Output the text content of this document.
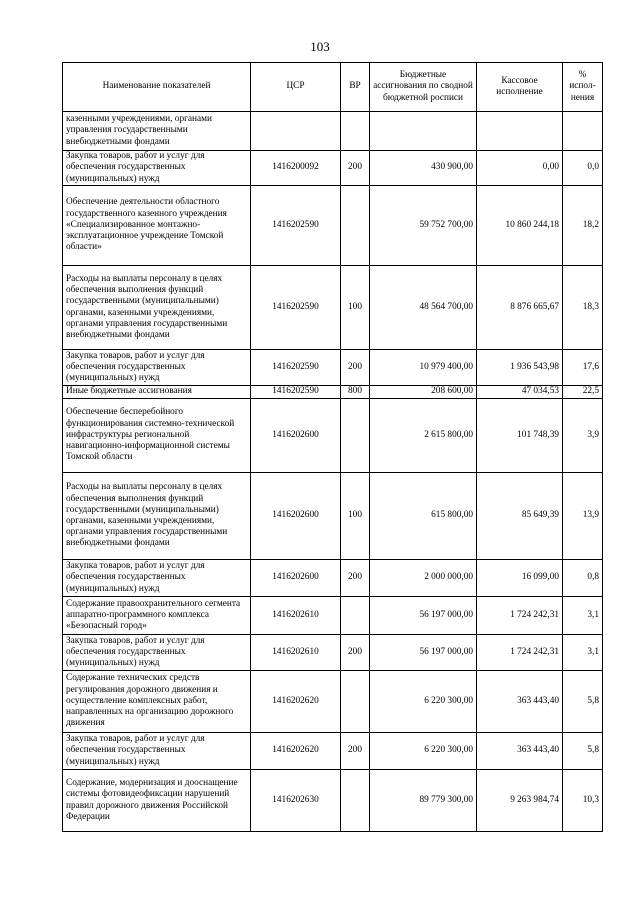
103
Наименование показателей	ЦСР	ВР	Бюджетные ассигнования по сводной бюджетной росписи	Кассовое исполнение	% испол-нения
казенными учреждениями, органами управления государственными внебюджетными фондами					
Закупка товаров, работ и услуг для обеспечения государственных (муниципальных) нужд	1416200092	200	430 900,00	0,00	0,0
Обеспечение деятельности областного государственного казенного учреждения «Специализированное монтажно-эксплуатационное учреждение Томской области»	1416202590		59 752 700,00	10 860 244,18	18,2
Расходы на выплаты персоналу в целях обеспечения выполнения функций государственными (муниципальными) органами, казенными учреждениями, органами управления государственными внебюджетными фондами	1416202590	100	48 564 700,00	8 876 665,67	18,3
Закупка товаров, работ и услуг для обеспечения государственных (муниципальных) нужд	1416202590	200	10 979 400,00	1 936 543,98	17,6
Иные бюджетные ассигнования	1416202590	800	208 600,00	47 034,53	22,5
Обеспечение бесперебойного функционирования системно-технической инфраструктуры региональной навигационно-информационной системы Томской области	1416202600		2 615 800,00	101 748,39	3,9
Расходы на выплаты персоналу в целях обеспечения выполнения функций государственными (муниципальными) органами, казенными учреждениями, органами управления государственными внебюджетными фондами	1416202600	100	615 800,00	85 649,39	13,9
Закупка товаров, работ и услуг для обеспечения государственных (муниципальных) нужд	1416202600	200	2 000 000,00	16 099,00	0,8
Содержание правоохранительного сегмента аппаратно-программного комплекса «Безопасный город»	1416202610		56 197 000,00	1 724 242,31	3,1
Закупка товаров, работ и услуг для обеспечения государственных (муниципальных) нужд	1416202610	200	56 197 000,00	1 724 242,31	3,1
Содержание технических средств регулирования дорожного движения и осуществление комплексных работ, направленных на организацию дорожного движения	1416202620		6 220 300,00	363 443,40	5,8
Закупка товаров, работ и услуг для обеспечения государственных (муниципальных) нужд	1416202620	200	6 220 300,00	363 443,40	5,8
Содержание, модернизация и дооснащение системы фотовидеофиксации нарушений правил дорожного движения Российской Федерации	1416202630		89 779 300,00	9 263 984,74	10,3
